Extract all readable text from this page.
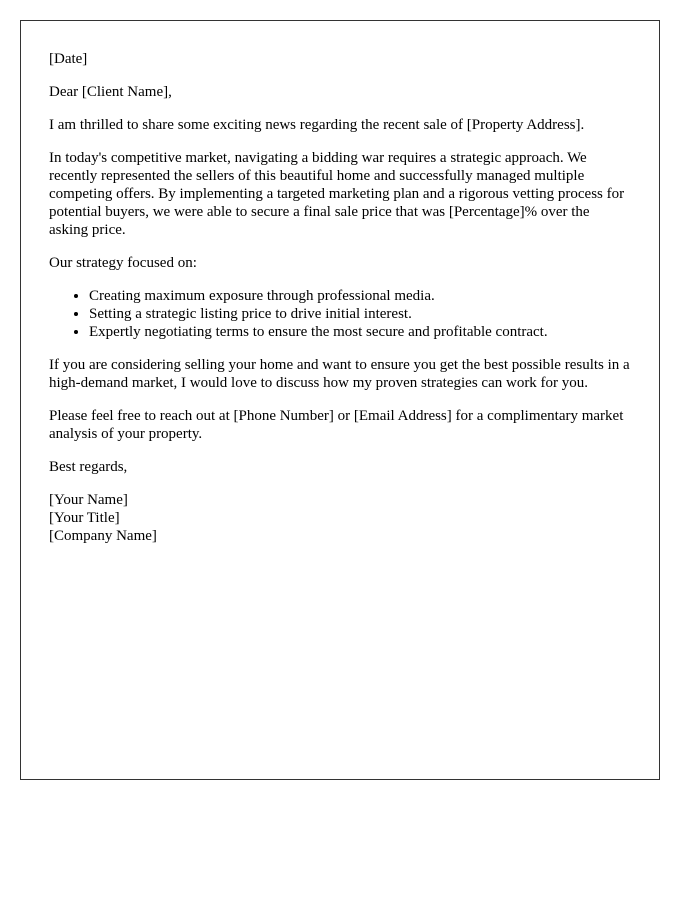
[Date]

Dear [Client Name],

I am thrilled to share some exciting news regarding the recent sale of [Property Address].

In today's competitive market, navigating a bidding war requires a strategic approach. We recently represented the sellers of this beautiful home and successfully managed multiple competing offers. By implementing a targeted marketing plan and a rigorous vetting process for potential buyers, we were able to secure a final sale price that was [Percentage]% over the asking price.

Our strategy focused on:

• Creating maximum exposure through professional media.
• Setting a strategic listing price to drive initial interest.
• Expertly negotiating terms to ensure the most secure and profitable contract.

If you are considering selling your home and want to ensure you get the best possible results in a high-demand market, I would love to discuss how my proven strategies can work for you.

Please feel free to reach out at [Phone Number] or [Email Address] for a complimentary market analysis of your property.

Best regards,

[Your Name]
[Your Title]
[Company Name]
